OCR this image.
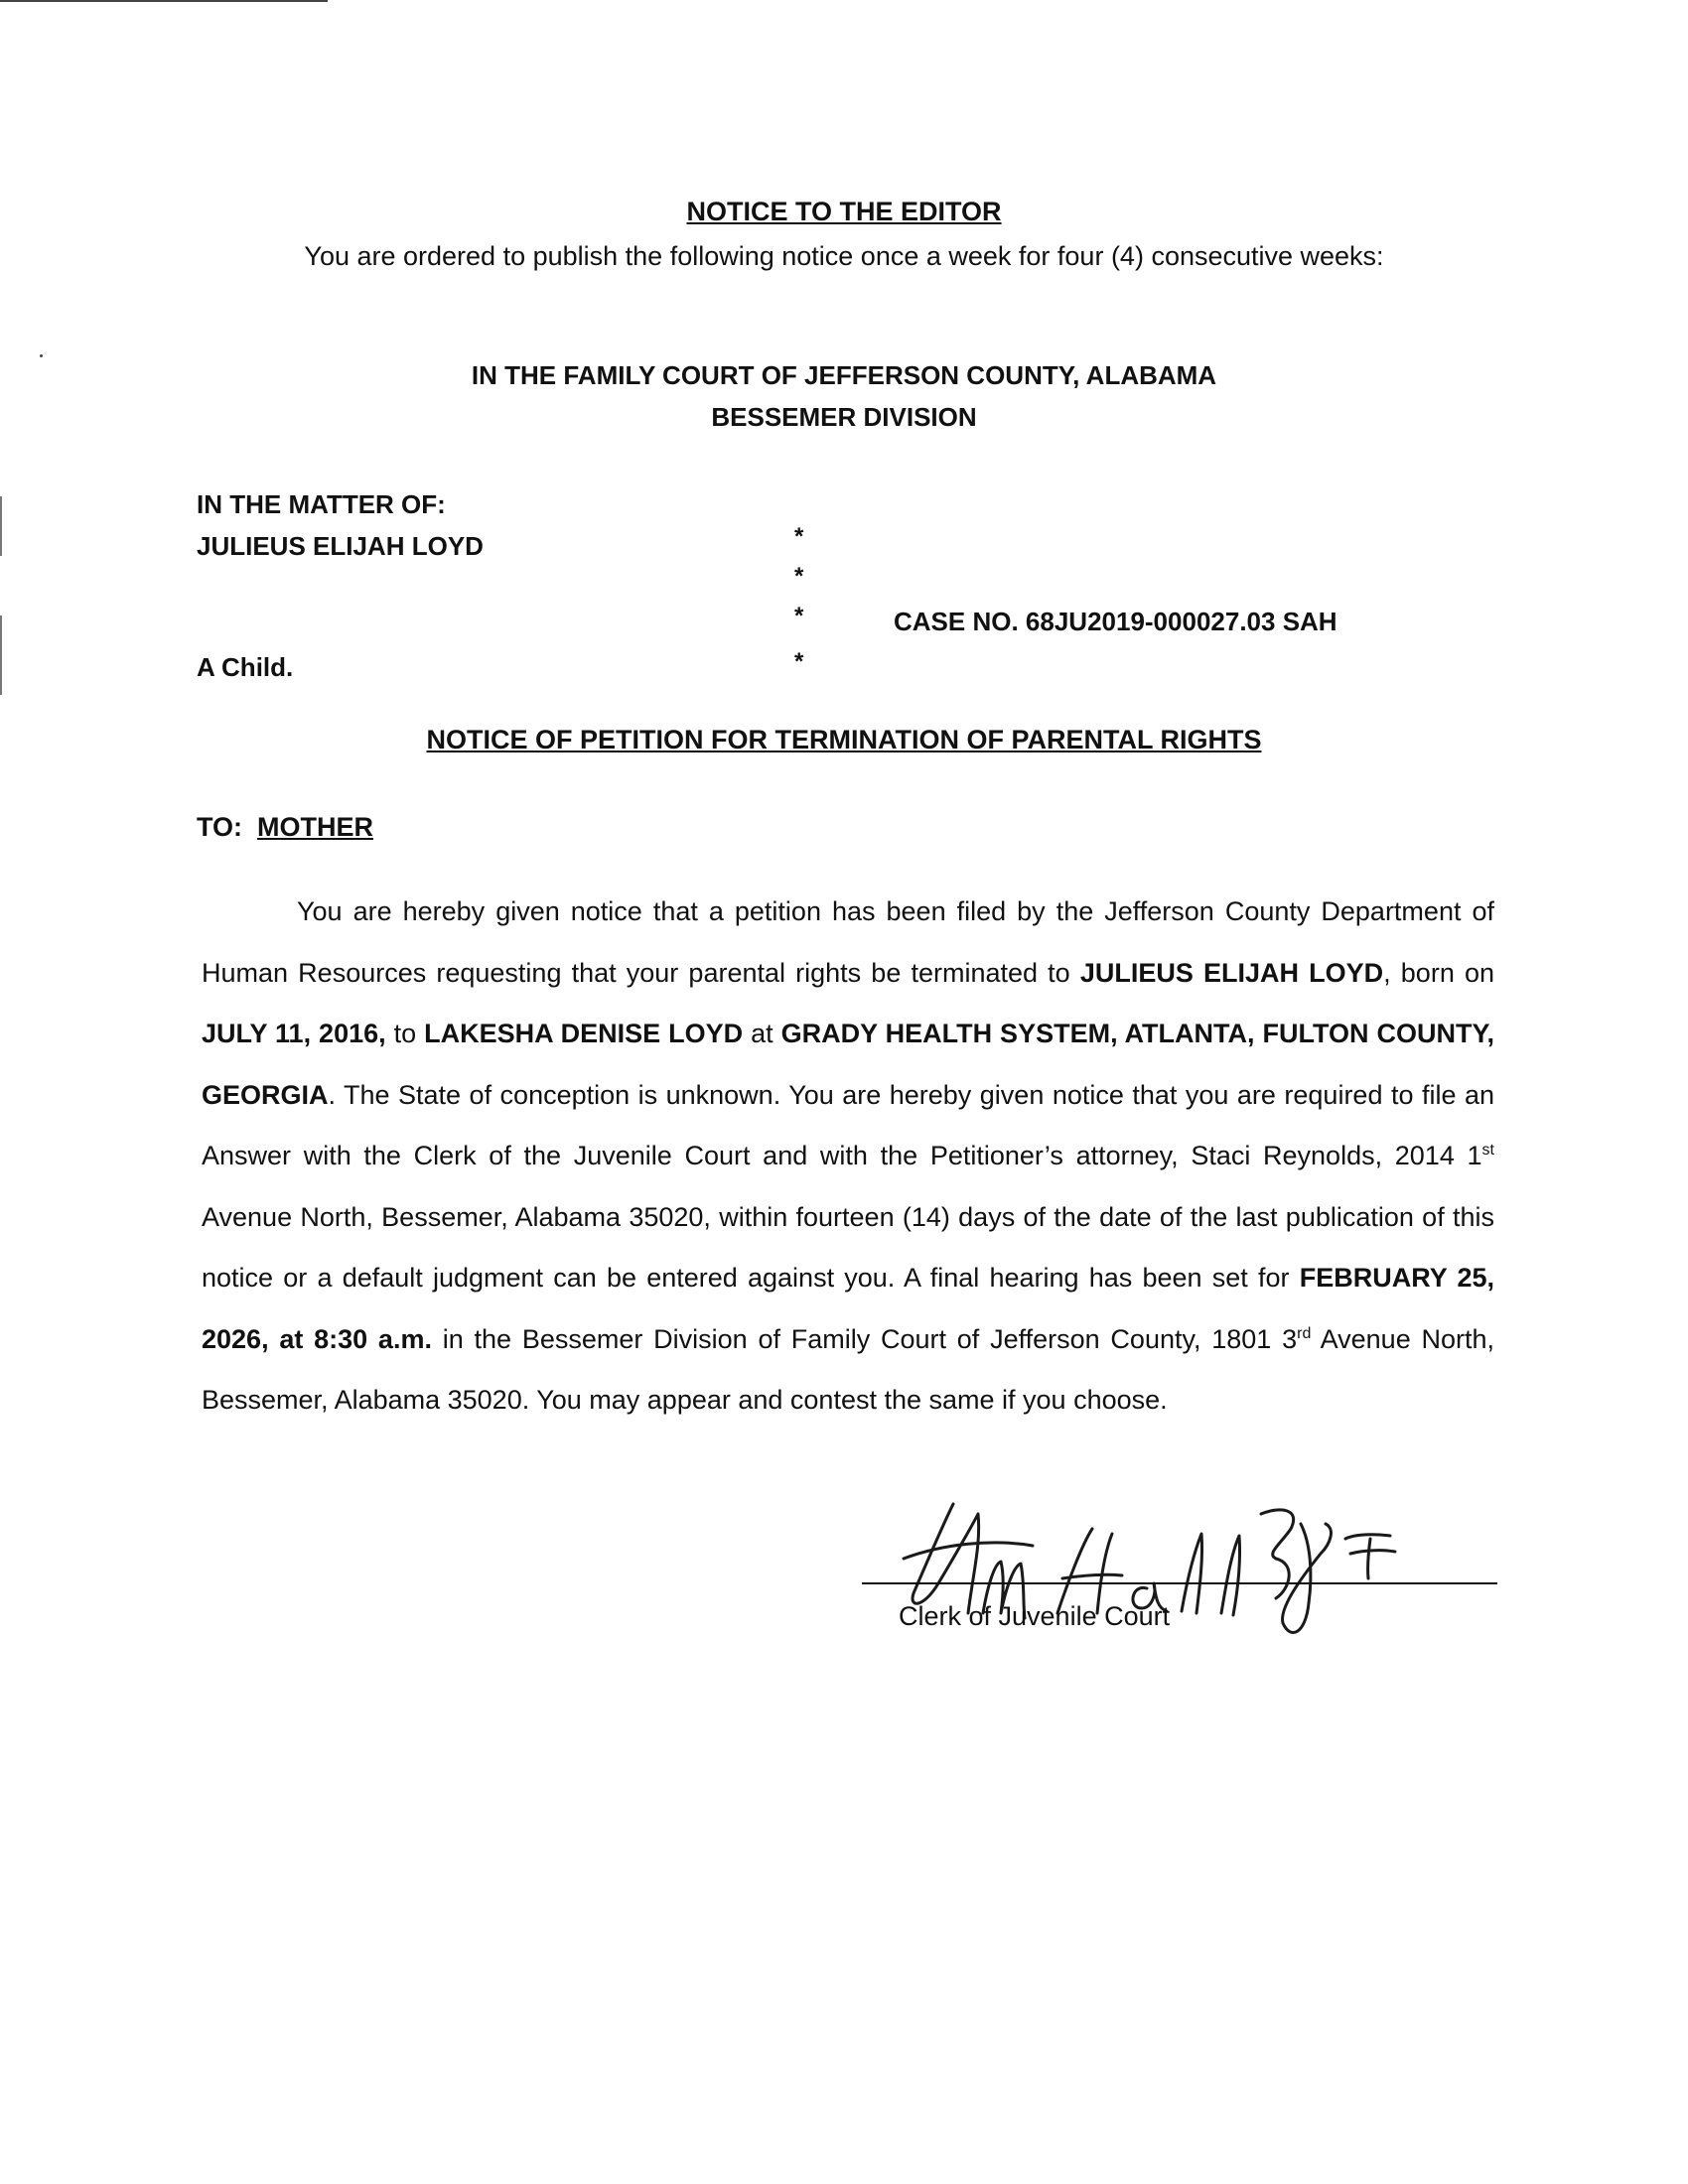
NOTICE TO THE EDITOR
You are ordered to publish the following notice once a week for four (4) consecutive weeks:
IN THE FAMILY COURT OF JEFFERSON COUNTY, ALABAMA
BESSEMER DIVISION
IN THE MATTER OF:
JULIEUS ELIJAH LOYD
A Child.
*
*
*
*
CASE NO. 68JU2019-000027.03 SAH
NOTICE OF PETITION FOR TERMINATION OF PARENTAL RIGHTS
TO: MOTHER
You are hereby given notice that a petition has been filed by the Jefferson County Department of Human Resources requesting that your parental rights be terminated to JULIEUS ELIJAH LOYD, born on JULY 11, 2016, to LAKESHA DENISE LOYD at GRADY HEALTH SYSTEM, ATLANTA, FULTON COUNTY, GEORGIA. The State of conception is unknown. You are hereby given notice that you are required to file an Answer with the Clerk of the Juvenile Court and with the Petitioner’s attorney, Staci Reynolds, 2014 1st Avenue North, Bessemer, Alabama 35020, within fourteen (14) days of the date of the last publication of this notice or a default judgment can be entered against you. A final hearing has been set for FEBRUARY 25, 2026, at 8:30 a.m. in the Bessemer Division of Family Court of Jefferson County, 1801 3rd Avenue North, Bessemer, Alabama 35020. You may appear and contest the same if you choose.
Clerk of Juvenile Court
